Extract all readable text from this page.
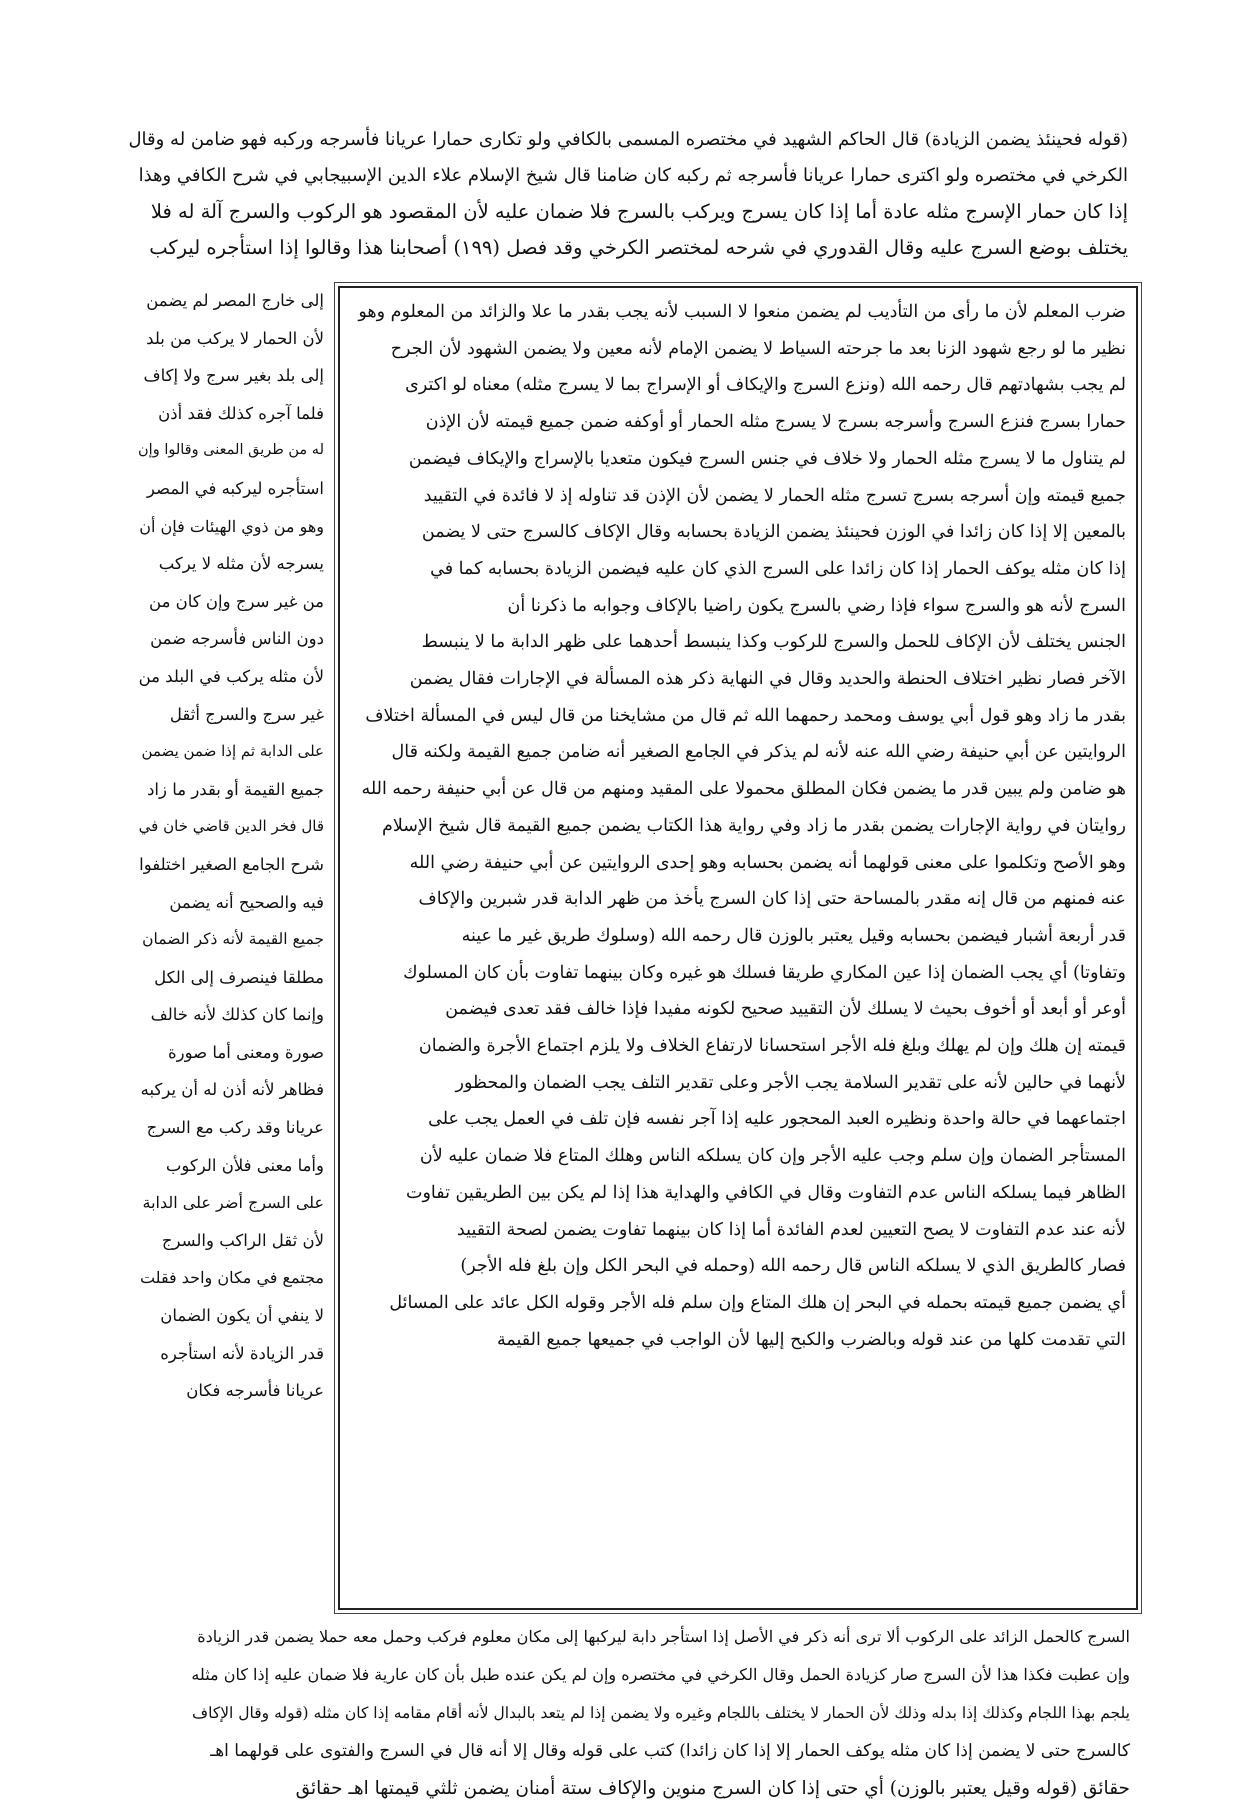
(قوله فحينئذ يضمن الزيادة) قال الحاكم الشهيد في مختصره المسمى بالكافي ولو تكارى حمارا عريانا فأسرجه وركبه فهو ضامن له وقال
الكرخي في مختصره ولو اكترى حمارا عريانا فأسرجه ثم ركبه كان ضامنا قال شيخ الإسلام علاء الدين الإسبيجابي في شرح الكافي وهذا
إذا كان حمار الإسرج مثله عادة أما إذا كان يسرج ويركب بالسرج فلا ضمان عليه لأن المقصود هو الركوب والسرج آلة له فلا
يختلف بوضع السرج عليه وقال القدوري في شرحه لمختصر الكرخي وقد فصل (١٩٩) أصحابنا هذا وقالوا إذا استأجره ليركب
ضرب المعلم لأن ما رأى من التأديب لم يضمن منعوا لا السبب لأنه يجب بقدر ما علا والزائد من المعلوم وهو
نظير ما لو رجع شهود الزنا بعد ما جرحته السياط لا يضمن الإمام لأنه معين ولا يضمن الشهود لأن الجرح
لم يجب بشهادتهم قال رحمه الله (ونزع السرج والإيكاف أو الإسراج بما لا يسرج مثله) معناه لو اكترى
حمارا بسرج فنزع السرج وأسرجه بسرج لا يسرج مثله الحمار أو أوكفه ضمن جميع قيمته لأن الإذن
لم يتناول ما لا يسرج مثله الحمار ولا خلاف في جنس السرج فيكون متعديا بالإسراج والإيكاف فيضمن
جميع قيمته وإن أسرجه بسرج تسرج مثله الحمار لا يضمن لأن الإذن قد تناوله إذ لا فائدة في التقييد
بالمعين إلا إذا كان زائدا في الوزن فحينئذ يضمن الزيادة بحسابه وقال الإكاف كالسرج حتى لا يضمن
إذا كان مثله يوكف الحمار إذا كان زائدا على السرج الذي كان عليه فيضمن الزيادة بحسابه كما في
السرج لأنه هو والسرج سواء فإذا رضي بالسرج يكون راضيا بالإكاف وجوابه ما ذكرنا أن
الجنس يختلف لأن الإكاف للحمل والسرج للركوب وكذا ينبسط أحدهما على ظهر الدابة ما لا ينبسط
الآخر فصار نظير اختلاف الحنطة والحديد وقال في النهاية ذكر هذه المسألة في الإجارات فقال يضمن
بقدر ما زاد وهو قول أبي يوسف ومحمد رحمهما الله ثم قال من مشايخنا من قال ليس في المسألة اختلاف
الروايتين عن أبي حنيفة رضي الله عنه لأنه لم يذكر في الجامع الصغير أنه ضامن جميع القيمة ولكنه قال
هو ضامن ولم يبين قدر ما يضمن فكان المطلق محمولا على المقيد ومنهم من قال عن أبي حنيفة رحمه الله
روايتان في رواية الإجارات يضمن بقدر ما زاد وفي رواية هذا الكتاب يضمن جميع القيمة قال شيخ الإسلام
وهو الأصح وتكلموا على معنى قولهما أنه يضمن بحسابه وهو إحدى الروايتين عن أبي حنيفة رضي الله
عنه فمنهم من قال إنه مقدر بالمساحة حتى إذا كان السرج يأخذ من ظهر الدابة قدر شبرين والإكاف
قدر أربعة أشبار فيضمن بحسابه وقيل يعتبر بالوزن قال رحمه الله (وسلوك طريق غير ما عينه
وتفاوتا) أي يجب الضمان إذا عين المكاري طريقا فسلك هو غيره وكان بينهما تفاوت بأن كان المسلوك
أوعر أو أبعد أو أخوف بحيث لا يسلك لأن التقييد صحيح لكونه مفيدا فإذا خالف فقد تعدى فيضمن
قيمته إن هلك وإن لم يهلك وبلغ فله الأجر استحسانا لارتفاع الخلاف ولا يلزم اجتماع الأجرة والضمان
لأنهما في حالين لأنه على تقدير السلامة يجب الأجر وعلى تقدير التلف يجب الضمان والمحظور
اجتماعهما في حالة واحدة ونظيره العبد المحجور عليه إذا آجر نفسه فإن تلف في العمل يجب على
المستأجر الضمان وإن سلم وجب عليه الأجر وإن كان يسلكه الناس وهلك المتاع فلا ضمان عليه لأن
الظاهر فيما يسلكه الناس عدم التفاوت وقال في الكافي والهداية هذا إذا لم يكن بين الطريقين تفاوت
لأنه عند عدم التفاوت لا يصح التعيين لعدم الفائدة أما إذا كان بينهما تفاوت يضمن لصحة التقييد
فصار كالطريق الذي لا يسلكه الناس قال رحمه الله (وحمله في البحر الكل وإن بلغ فله الأجر)
أي يضمن جميع قيمته بحمله في البحر إن هلك المتاع وإن سلم فله الأجر وقوله الكل عائد على المسائل
التي تقدمت كلها من عند قوله وبالضرب والكبح إليها لأن الواجب في جميعها جميع القيمة
إلى خارج المصر لم يضمن
لأن الحمار لا يركب من بلد
إلى بلد بغير سرج ولا إكاف
فلما آجره كذلك فقد أذن
له من طريق المعنى وقالوا وإن
استأجره ليركبه في المصر
وهو من ذوي الهيئات فإن أن
يسرجه لأن مثله لا يركب
من غير سرج وإن كان من
دون الناس فأسرجه ضمن
لأن مثله يركب في البلد من
غير سرج والسرج أثقل
على الدابة ثم إذا ضمن يضمن
جميع القيمة أو بقدر ما زاد
قال فخر الدين قاضي خان في
شرح الجامع الصغير اختلفوا
فيه والصحيح أنه يضمن
جميع القيمة لأنه ذكر الضمان
مطلقا فينصرف إلى الكل
وإنما كان كذلك لأنه خالف
صورة ومعنى أما صورة
فظاهر لأنه أذن له أن يركبه
عريانا وقد ركب مع السرج
وأما معنى فلأن الركوب
على السرج أضر على الدابة
لأن ثقل الراكب والسرج
مجتمع في مكان واحد فقلت
لا ينفي أن يكون الضمان
قدر الزيادة لأنه استأجره
عريانا فأسرجه فكان
السرج كالحمل الزائد على الركوب ألا ترى أنه ذكر في الأصل إذا استأجر دابة ليركبها إلى مكان معلوم فركب وحمل معه حملا يضمن قدر الزيادة
وإن عطبت فكذا هذا لأن السرج صار كزيادة الحمل وقال الكرخي في مختصره وإن لم يكن عنده طبل بأن كان عارية فلا ضمان عليه إذا كان مثله
يلجم بهذا اللجام وكذلك إذا بدله وذلك لأن الحمار لا يختلف باللجام وغيره ولا يضمن إذا لم يتعد بالبدال لأنه أقام مقامه إذا كان مثله (قوله وقال الإكاف
كالسرج حتى لا يضمن إذا كان مثله يوكف الحمار إلا إذا كان زائدا) كتب على قوله وقال إلا أنه قال في السرج والفتوى على قولهما اهـ
حقائق (قوله وقيل يعتبر بالوزن) أي حتى إذا كان السرج منوين والإكاف ستة أمنان يضمن ثلثي قيمتها اهـ حقائق
